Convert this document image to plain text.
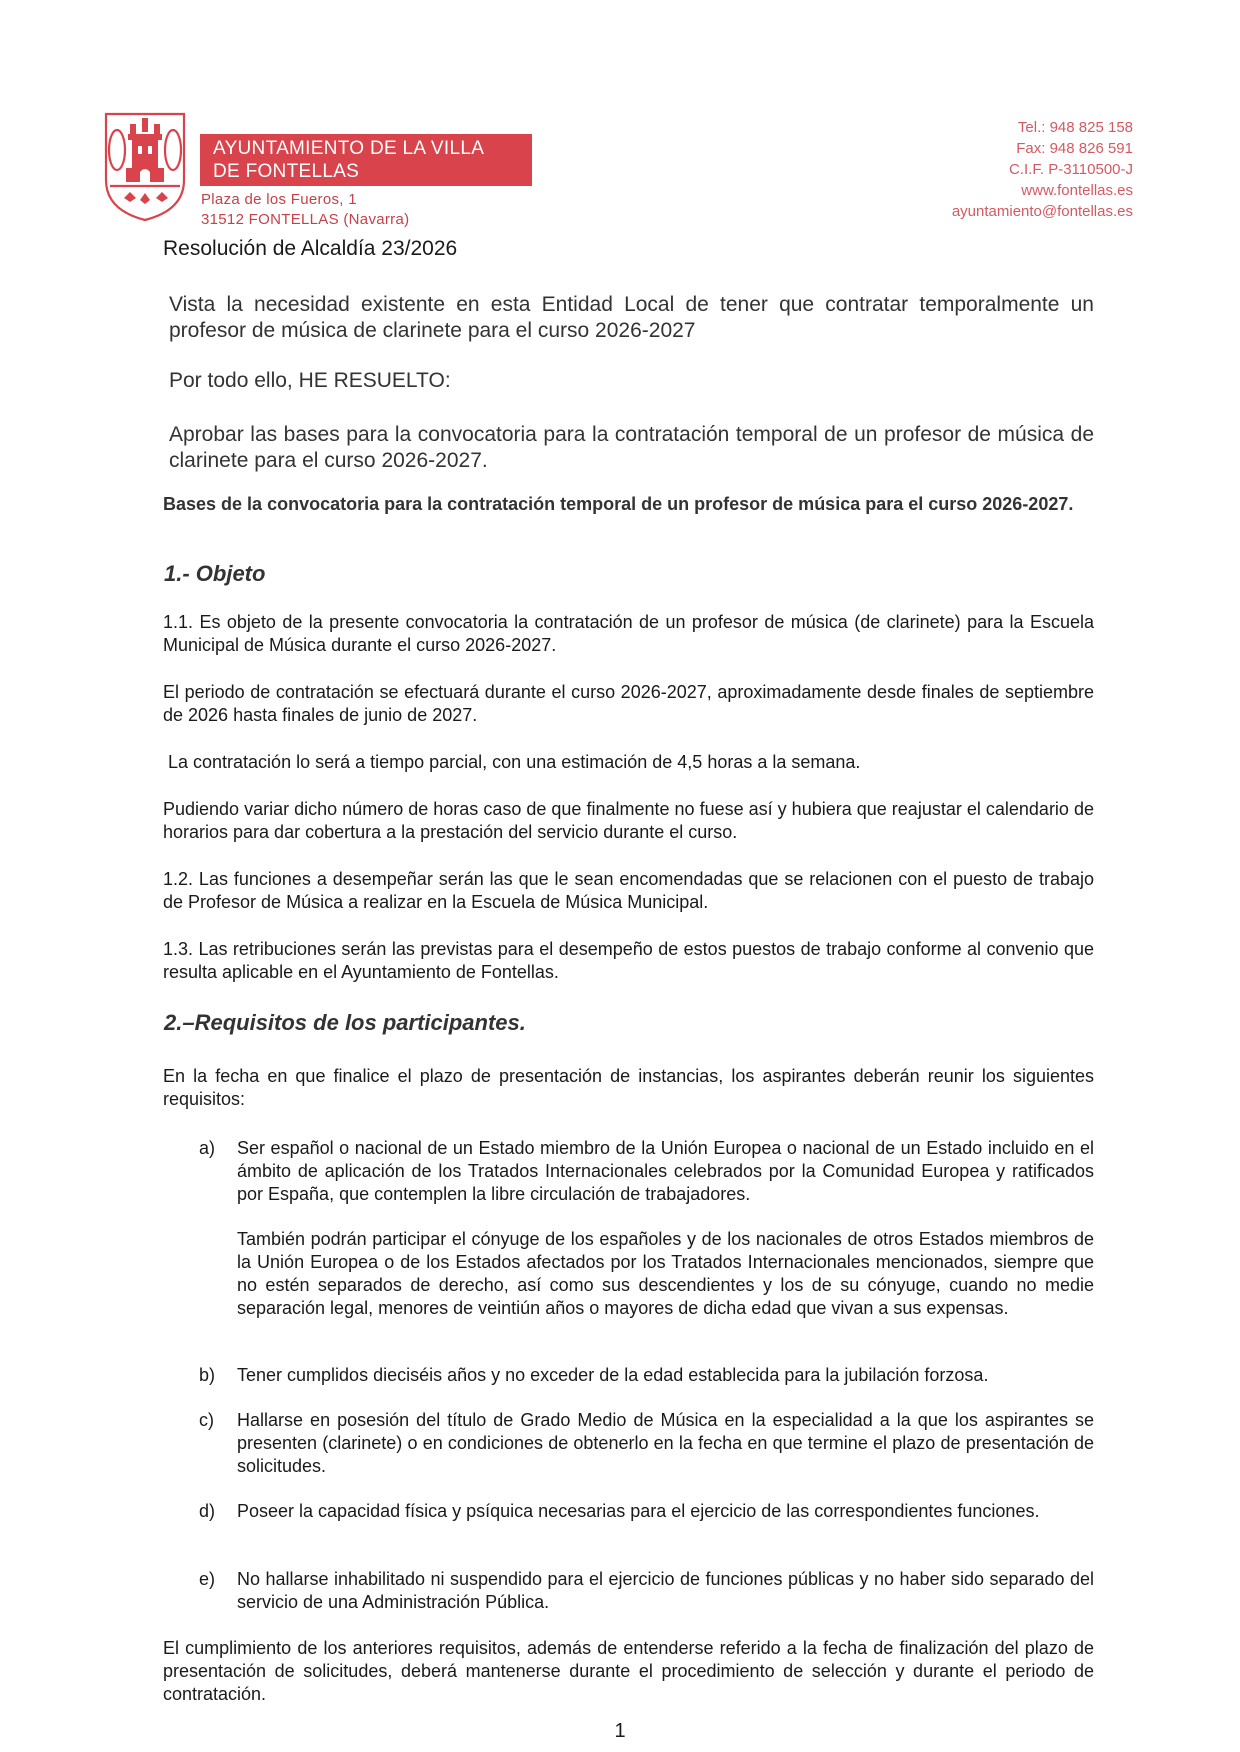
AYUNTAMIENTO DE LA VILLA
DE FONTELLAS
Plaza de los Fueros, 1
31512 FONTELLAS (Navarra)
Tel.: 948 825 158
Fax: 948 826 591
C.I.F. P-3110500-J
www.fontellas.es
ayuntamiento@fontellas.es
Resolución de Alcaldía 23/2026
Vista la necesidad existente en esta Entidad Local de tener que contratar temporalmente un profesor de música de clarinete para el curso 2026-2027
Por todo ello, HE RESUELTO:
Aprobar las bases para la convocatoria para la contratación temporal de un profesor de música de clarinete para el curso 2026-2027.
Bases de la convocatoria para la contratación temporal de un profesor de música para el curso 2026-2027.
1.- Objeto
1.1. Es objeto de la presente convocatoria la contratación de un profesor de música (de clarinete) para la Escuela Municipal de Música durante el curso 2026-2027.
El periodo de contratación se efectuará durante el curso 2026-2027, aproximadamente desde finales de septiembre de 2026 hasta finales de junio de 2027.
La contratación lo será a tiempo parcial, con una estimación de 4,5 horas a la semana.
Pudiendo variar dicho número de horas caso de que finalmente no fuese así y hubiera que reajustar el calendario de horarios para dar cobertura a la prestación del servicio durante el curso.
1.2. Las funciones a desempeñar serán las que le sean encomendadas que se relacionen con el puesto de trabajo de Profesor de Música a realizar en la Escuela de Música Municipal.
1.3. Las retribuciones serán las previstas para el desempeño de estos puestos de trabajo conforme al convenio que resulta aplicable en el Ayuntamiento de Fontellas.
2.–Requisitos de los participantes.
En la fecha en que finalice el plazo de presentación de instancias, los aspirantes deberán reunir los siguientes requisitos:
a) Ser español o nacional de un Estado miembro de la Unión Europea o nacional de un Estado incluido en el ámbito de aplicación de los Tratados Internacionales celebrados por la Comunidad Europea y ratificados por España, que contemplen la libre circulación de trabajadores.
También podrán participar el cónyuge de los españoles y de los nacionales de otros Estados miembros de la Unión Europea o de los Estados afectados por los Tratados Internacionales mencionados, siempre que no estén separados de derecho, así como sus descendientes y los de su cónyuge, cuando no medie separación legal, menores de veintiún años o mayores de dicha edad que vivan a sus expensas.
b) Tener cumplidos dieciséis años y no exceder de la edad establecida para la jubilación forzosa.
c) Hallarse en posesión del título de Grado Medio de Música en la especialidad a la que los aspirantes se presenten (clarinete) o en condiciones de obtenerlo en la fecha en que termine el plazo de presentación de solicitudes.
d) Poseer la capacidad física y psíquica necesarias para el ejercicio de las correspondientes funciones.
e) No hallarse inhabilitado ni suspendido para el ejercicio de funciones públicas y no haber sido separado del servicio de una Administración Pública.
El cumplimiento de los anteriores requisitos, además de entenderse referido a la fecha de finalización del plazo de presentación de solicitudes, deberá mantenerse durante el procedimiento de selección y durante el periodo de contratación.
1
